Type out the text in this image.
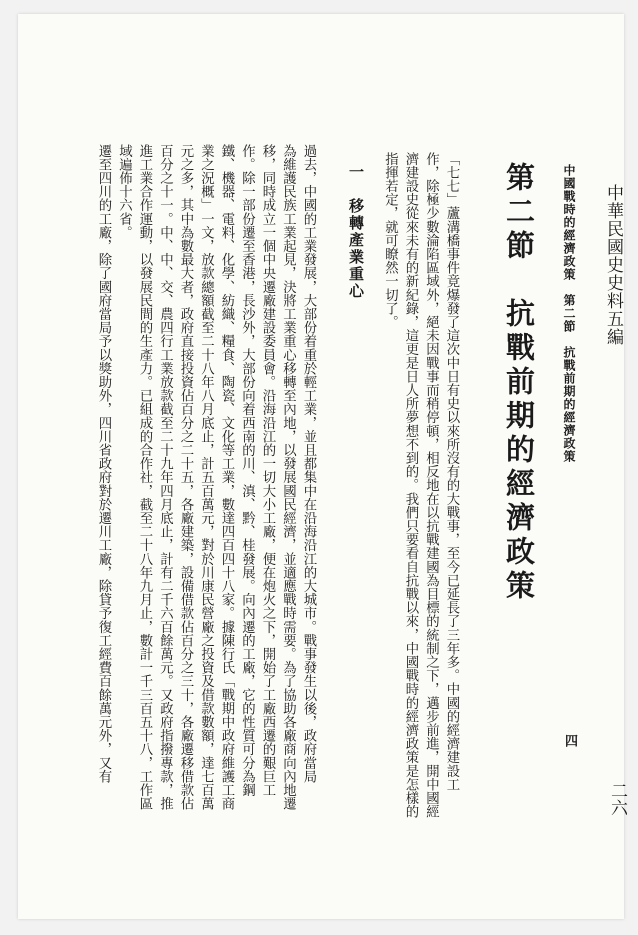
中華民國史史料五編
二六
中國戰時的經濟政策　第二節　抗戰前期的經濟政策
四
第二節　抗戰前期的經濟政策
「七七」蘆溝橋事件竟爆發了這次中日有史以來所沒有的大戰事，至今已延長了三年多。中國的經濟建設工
作，除極少數淪陷區域外，絕未因戰事而稍停頓，相反地在以抗戰建國為目標的統制之下，邁步前進，開中國經
濟建設史從來未有的新紀錄，這更是日人所夢想不到的。我們只要看自抗戰以來，中國戰時的經濟政策是怎樣的
指揮若定，就可瞭然一切了。
一　移轉產業重心
過去，中國的工業發展，大部份着重於輕工業，並且都集中在沿海沿江的大城市。戰事發生以後，政府當局
為維護民族工業起見，決將工業重心移轉至內地，以發展國民經濟，並適應戰時需要。為了協助各廠商向內地遷
移，同時成立一個中央遷廠建設委員會。沿海沿江的一切大小工廠，便在炮火之下，開始了工廠西遷的艱巨工
作。除一部份遷至香港，長沙外，大部份向着西南的川、滇、黔、桂發展。向內遷的工廠，它的性質可分為鋼
鐵、機器、電料、化學、紡織、糧食、陶瓷、文化等工業，數達四百四十八家。據陳行氏「戰期中政府維護工商
業之況概」一文，放款總額截至二十八年八月底止，計五百萬元，對於川康民營廠之投資及借款數額，達七百萬
元之多，其中為數最大者，政府直接投資佔百分之二十五，各廠建築，設備借款佔百分之三十，各廠遷移借款佔
百分之十一。中、中、交、農四行工業放款截至二十九年四月底止，計有二千六百餘萬元。又政府指撥專款，推
進工業合作運動，以發展民間的生產力。已組成的合作社，截至二十八年九月止，數計一千三百五十八，工作區
域遍佈十六省。
遷至四川的工廠，除了國府當局予以獎助外，四川省政府對於遷川工廠，除貸予復工經費百餘萬元外，又有
